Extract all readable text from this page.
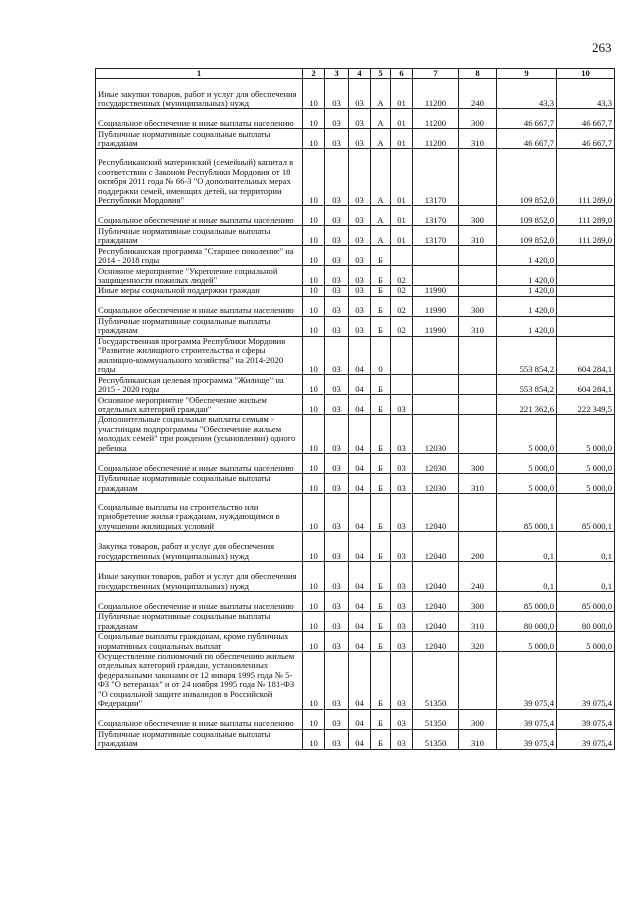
263
1	2	3	4	5	6	7	8	9	10
Иные закупки товаров, работ и услуг для обеспечения государственных (муниципальных) нужд	10	03	03	А	01	11200	240	43,3	43,3
Социальное обеспечение и иные выплаты населению	10	03	03	А	01	11200	300	46 667,7	46 667,7
Публичные нормативные социальные выплаты гражданам	10	03	03	А	01	11200	310	46 667,7	46 667,7
Республиканский материнский (семейный) капитал в соответствии с Законом Республики Мордовия от 18 октября 2011 года № 66-З "О дополнительных мерах поддержки семей, имеющих детей, на территории Республики Мордовия"	10	03	03	А	01	13170		109 852,0	111 289,0
Социальное обеспечение и иные выплаты населению	10	03	03	А	01	13170	300	109 852,0	111 289,0
Публичные нормативные социальные выплаты гражданам	10	03	03	А	01	13170	310	109 852,0	111 289,0
Республиканская программа "Старшее поколение" на 2014 - 2018 годы	10	03	03	Б				1 420,0	
Основное мероприятие "Укрепление социальной защищенности пожилых людей"	10	03	03	Б	02			1 420,0	
Иные меры социальной поддержки граждан	10	03	03	Б	02	11990		1 420,0	
Социальное обеспечение и иные выплаты населению	10	03	03	Б	02	11990	300	1 420,0	
Публичные нормативные социальные выплаты гражданам	10	03	03	Б	02	11990	310	1 420,0	
Государственная программа Республики Мордовия "Развитие жилищного строительства и сферы жилищно-коммунального хозяйства" на 2014-2020 годы	10	03	04	0				553 854,2	604 284,1
Республиканская целевая программа "Жилище" на 2015 - 2020 годы	10	03	04	Б				553 854,2	604 284,1
Основное мероприятие "Обеспечение жильем отдельных категорий граждан"	10	03	04	Б	03			221 362,6	222 349,5
Дополнительные социальные выплаты семьям - участницам подпрограммы "Обеспечение жильем молодых семей" при рождении (усыновлении) одного ребенка	10	03	04	Б	03	12030		5 000,0	5 000,0
Социальное обеспечение и иные выплаты населению	10	03	04	Б	03	12030	300	5 000,0	5 000,0
Публичные нормативные социальные выплаты гражданам	10	03	04	Б	03	12030	310	5 000,0	5 000,0
Социальные выплаты на строительство или приобретение жилья гражданам, нуждающимся в улучшении жилищных условий	10	03	04	Б	03	12040		85 000,1	85 000,1
Закупка товаров, работ и услуг для обеспечения государственных (муниципальных) нужд	10	03	04	Б	03	12040	200	0,1	0,1
Иные закупки товаров, работ и услуг для обеспечения государственных (муниципальных) нужд	10	03	04	Б	03	12040	240	0,1	0,1
Социальное обеспечение и иные выплаты населению	10	03	04	Б	03	12040	300	85 000,0	85 000,0
Публичные нормативные социальные выплаты гражданам	10	03	04	Б	03	12040	310	80 000,0	80 000,0
Социальные выплаты гражданам, кроме публичных нормативных социальных выплат	10	03	04	Б	03	12040	320	5 000,0	5 000,0
Осуществление полномочий по обеспечению жильем отдельных категорий граждан, установленных федеральными законами от 12 января 1995 года № 5-ФЗ "О ветеранах" и от 24 ноября 1995 года № 181-ФЗ "О социальной защите инвалидов в Российской Федерации"	10	03	04	Б	03	51350		39 075,4	39 075,4
Социальное обеспечение и иные выплаты населению	10	03	04	Б	03	51350	300	39 075,4	39 075,4
Публичные нормативные социальные выплаты гражданам	10	03	04	Б	03	51350	310	39 075,4	39 075,4
